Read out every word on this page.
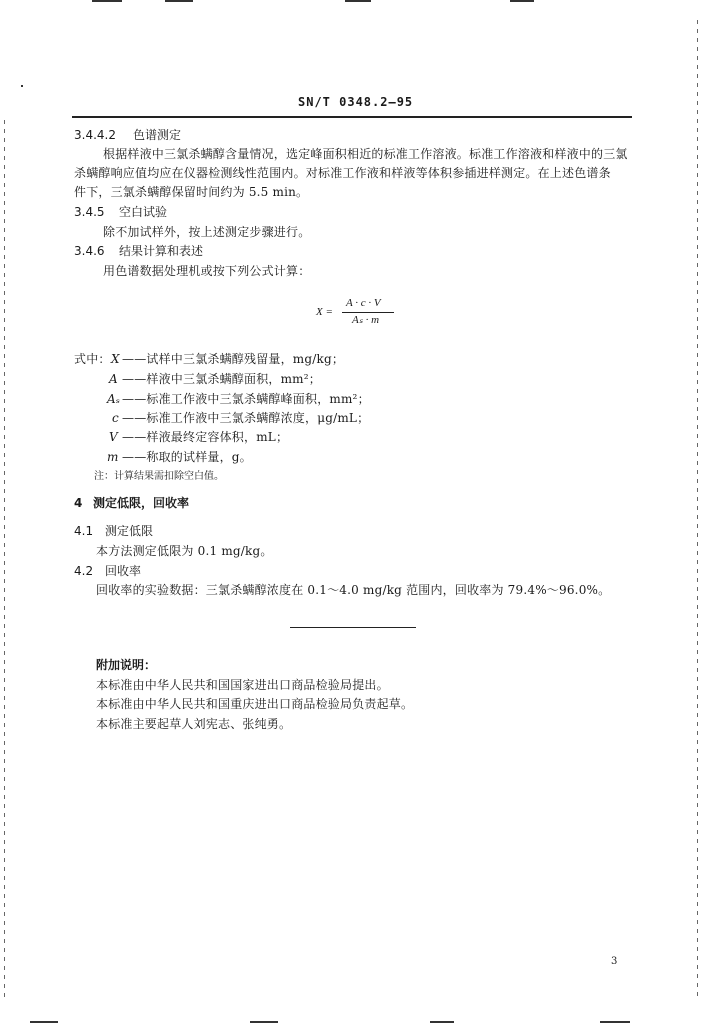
SN/T 0348.2—95
3.4.4.2 色谱测定
根据样液中三氯杀螨醇含量情况，选定峰面积相近的标准工作溶液。标准工作溶液和样液中的三氯
杀螨醇响应值均应在仪器检测线性范围内。对标准工作液和样液等体积参插进样测定。在上述色谱条
件下，三氯杀螨醇保留时间约为 5.5 min。
3.4.5 空白试验
除不加试样外，按上述测定步骤进行。
3.4.6 结果计算和表述
用色谱数据处理机或按下列公式计算：
X =
A · c · V
Aₛ · m
式中： X ——试样中三氯杀螨醇残留量，mg/kg；
A ——样液中三氯杀螨醇面积，mm²；
Aₛ ——标准工作液中三氯杀螨醇峰面积，mm²；
c ——标准工作液中三氯杀螨醇浓度，μg/mL；
V ——样液最终定容体积，mL；
m ——称取的试样量，g。
注：计算结果需扣除空白值。
4 测定低限，回收率
4.1 测定低限
本方法测定低限为 0.1 mg/kg。
4.2 回收率
回收率的实验数据：三氯杀螨醇浓度在 0.1～4.0 mg/kg 范围内，回收率为 79.4%～96.0%。
附加说明：
本标准由中华人民共和国国家进出口商品检验局提出。
本标准由中华人民共和国重庆进出口商品检验局负责起草。
本标准主要起草人刘宪志、张纯勇。
3
